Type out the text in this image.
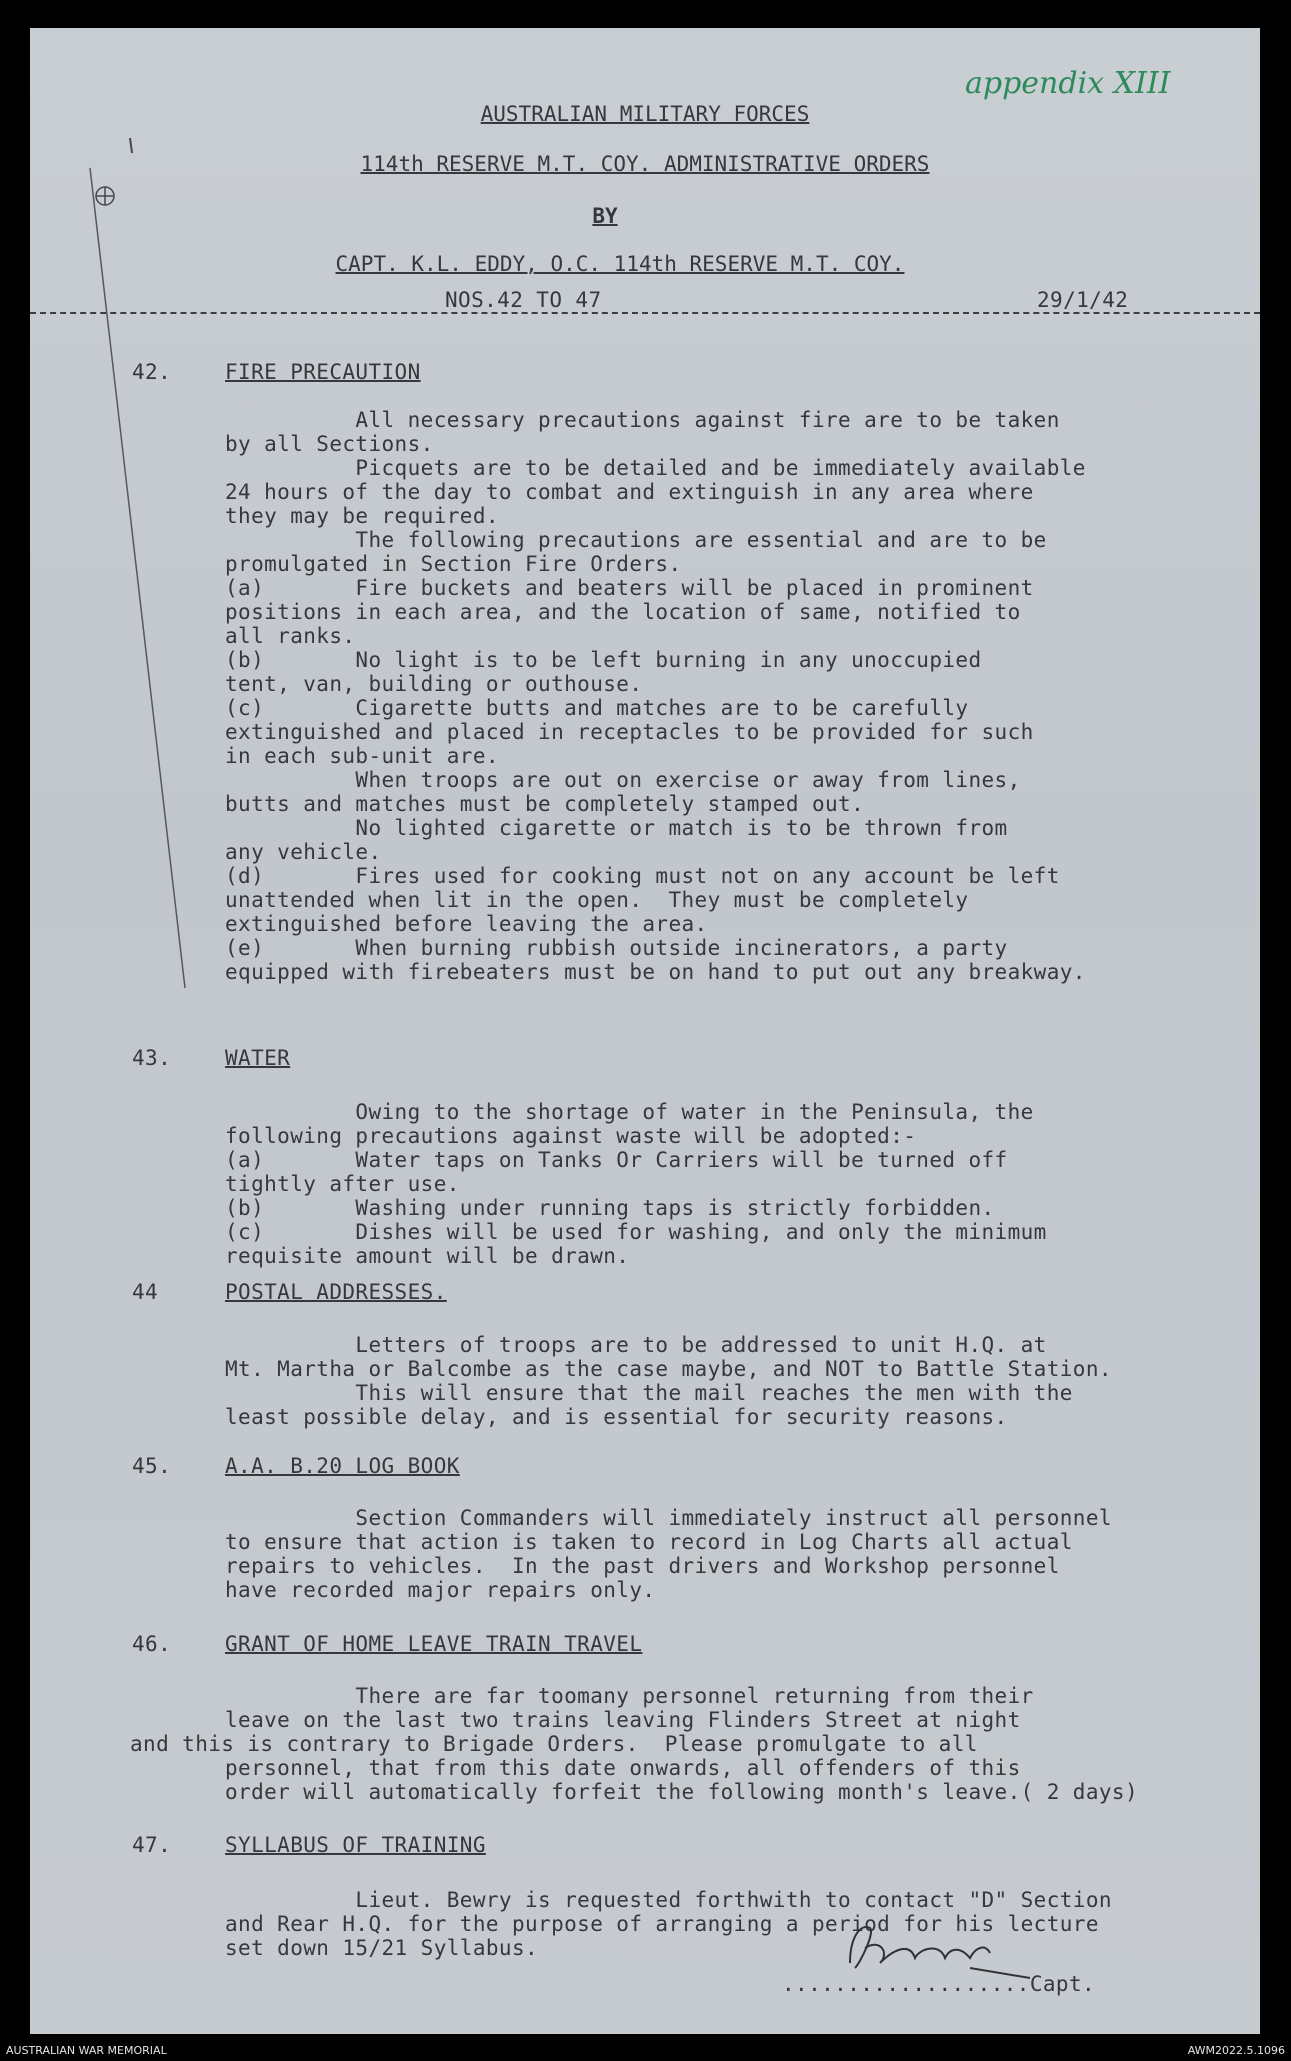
appendix XIII
AUSTRALIAN MILITARY FORCES
114th RESERVE M.T. COY. ADMINISTRATIVE ORDERS
BY
CAPT. K.L. EDDY, O.C. 114th RESERVE M.T. COY.
NOS.42 TO 47	29/1/42
42.	FIRE PRECAUTION
All necessary precautions against fire are to be taken
by all Sections.
Picquets are to be detailed and be immediately available
24 hours of the day to combat and extinguish in any area where
they may be required.
The following precautions are essential and are to be
promulgated in Section Fire Orders.
(a)       Fire buckets and beaters will be placed in prominent
positions in each area, and the location of same, notified to
all ranks.
(b)       No light is to be left burning in any unoccupied
tent, van, building or outhouse.
(c)       Cigarette butts and matches are to be carefully
extinguished and placed in receptacles to be provided for such
in each sub-unit are.
When troops are out on exercise or away from lines,
butts and matches must be completely stamped out.
No lighted cigarette or match is to be thrown from
any vehicle.
(d)       Fires used for cooking must not on any account be left
unattended when lit in the open.  They must be completely
extinguished before leaving the area.
(e)       When burning rubbish outside incinerators, a party
equipped with firebeaters must be on hand to put out any breakway.
43.	WATER
Owing to the shortage of water in the Peninsula, the
following precautions against waste will be adopted:-
(a)       Water taps on Tanks Or Carriers will be turned off
tightly after use.
(b)       Washing under running taps is strictly forbidden.
(c)       Dishes will be used for washing, and only the minimum
requisite amount will be drawn.
44	POSTAL ADDRESSES.
Letters of troops are to be addressed to unit H.Q. at
Mt. Martha or Balcombe as the case maybe, and NOT to Battle Station.
This will ensure that the mail reaches the men with the
least possible delay, and is essential for security reasons.
45.	A.A. B.20 LOG BOOK
Section Commanders will immediately instruct all personnel
to ensure that action is taken to record in Log Charts all actual
repairs to vehicles.  In the past drivers and Workshop personnel
have recorded major repairs only.
46.	GRANT OF HOME LEAVE TRAIN TRAVEL
There are far toomany personnel returning from their
leave on the last two trains leaving Flinders Street at night
and this is contrary to Brigade Orders.  Please promulgate to all
personnel, that from this date onwards, all offenders of this
order will automatically forfeit the following month's leave.( 2 days)
47.	SYLLABUS OF TRAINING
Lieut. Bewry is requested forthwith to contact "D" Section
and Rear H.Q. for the purpose of arranging a period for his lecture
set down 15/21 Syllabus.
...................Capt.
AUSTRALIAN WAR MEMORIAL	AWM2022.5.1096
